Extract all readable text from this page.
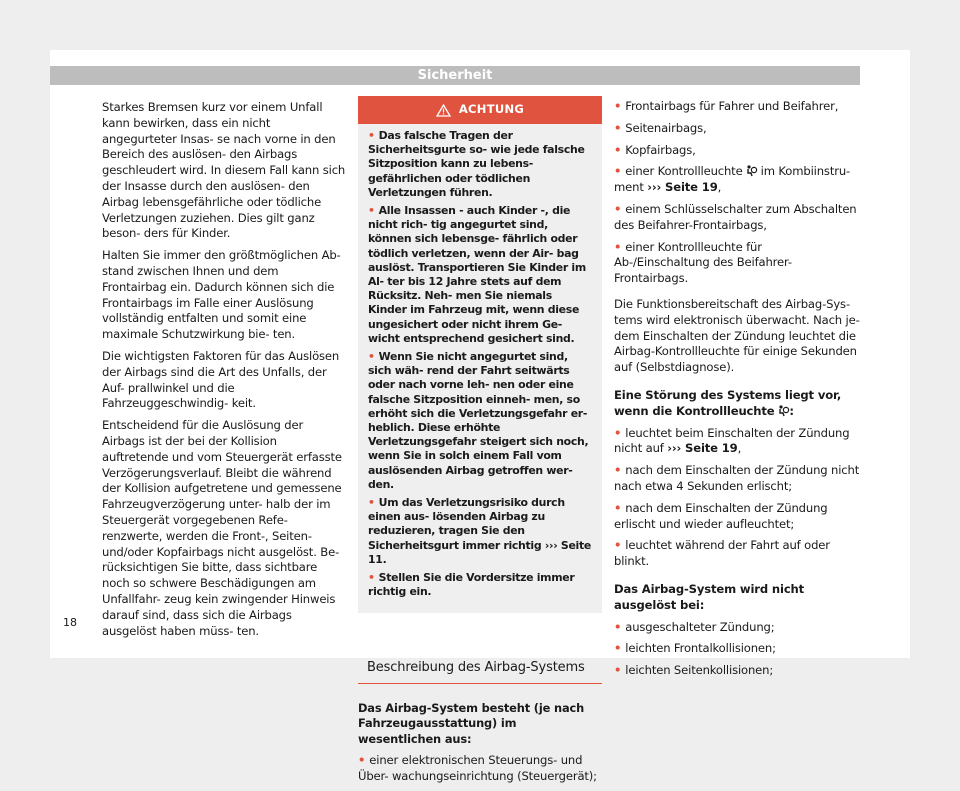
Sicherheit

Starkes Bremsen kurz vor einem Unfall kann bewirken, dass ein nicht angegurteter Insas- se nach vorne in den Bereich des auslösen- den Airbags geschleudert wird. In diesem Fall kann sich der Insasse durch den auslösen- den Airbag lebensgefährliche oder tödliche Verletzungen zuziehen. Dies gilt ganz beson- ders für Kinder.

Halten Sie immer den größtmöglichen Ab- stand zwischen Ihnen und dem Frontairbag ein. Dadurch können sich die Frontairbags im Falle einer Auslösung vollständig entfalten und somit eine maximale Schutzwirkung bie- ten.

Die wichtigsten Faktoren für das Auslösen der Airbags sind die Art des Unfalls, der Auf- prallwinkel und die Fahrzeuggeschwindig- keit.

Entscheidend für die Auslösung der Airbags ist der bei der Kollision auftretende und vom Steuergerät erfasste Verzögerungsverlauf. Bleibt die während der Kollision aufgetretene und gemessene Fahrzeugverzögerung unter- halb der im Steuergerät vorgegebenen Refe- renzwerte, werden die Front-, Seiten- und/oder Kopfairbags nicht ausgelöst. Be- rücksichtigen Sie bitte, dass sichtbare noch so schwere Beschädigungen am Unfallfahr- zeug kein zwingender Hinweis darauf sind, dass sich die Airbags ausgelöst haben müss- ten.

ACHTUNG
• Das falsche Tragen der Sicherheitsgurte so- wie jede falsche Sitzposition kann zu lebens- gefährlichen oder tödlichen Verletzungen führen.
• Alle Insassen - auch Kinder -, die nicht rich- tig angegurtet sind, können sich lebensge- fährlich oder tödlich verletzen, wenn der Air- bag auslöst. Transportieren Sie Kinder im Al- ter bis 12 Jahre stets auf dem Rücksitz. Neh- men Sie niemals Kinder im Fahrzeug mit, wenn diese ungesichert oder nicht ihrem Ge- wicht entsprechend gesichert sind.
• Wenn Sie nicht angegurtet sind, sich wäh- rend der Fahrt seitwärts oder nach vorne leh- nen oder eine falsche Sitzposition einneh- men, so erhöht sich die Verletzungsgefahr er- heblich. Diese erhöhte Verletzungsgefahr steigert sich noch, wenn Sie in solch einem Fall vom auslösenden Airbag getroffen wer- den.
• Um das Verletzungsrisiko durch einen aus- lösenden Airbag zu reduzieren, tragen Sie den Sicherheitsgurt immer richtig ››› Seite 11.
• Stellen Sie die Vordersitze immer richtig ein.
Beschreibung des Airbag-Systems

Das Airbag-System besteht (je nach Fahrzeugausstattung) im wesentlichen aus:

• einer elektronischen Steuerungs- und Über- wachungseinrichtung (Steuergerät);

• Frontairbags für Fahrer und Beifahrer,

• Seitenairbags,

• Kopfairbags,

• einer Kontrollleuchte im Kombiinstru- ment ››› Seite 19,

• einem Schlüsselschalter zum Abschalten des Beifahrer-Frontairbags,

• einer Kontrollleuchte für Ab-/Einschaltung des Beifahrer-Frontairbags.

Die Funktionsbereitschaft des Airbag-Sys- tems wird elektronisch überwacht. Nach je- dem Einschalten der Zündung leuchtet die Airbag-Kontrollleuchte für einige Sekunden auf (Selbstdiagnose).

Eine Störung des Systems liegt vor, wenn die Kontrollleuchte :

• leuchtet beim Einschalten der Zündung nicht auf ››› Seite 19,

• nach dem Einschalten der Zündung nicht nach etwa 4 Sekunden erlischt;

• nach dem Einschalten der Zündung erlischt und wieder aufleuchtet;

• leuchtet während der Fahrt auf oder blinkt.

Das Airbag-System wird nicht ausgelöst bei:

• ausgeschalteter Zündung;

• leichten Frontalkollisionen;

• leichten Seitenkollisionen;

18
